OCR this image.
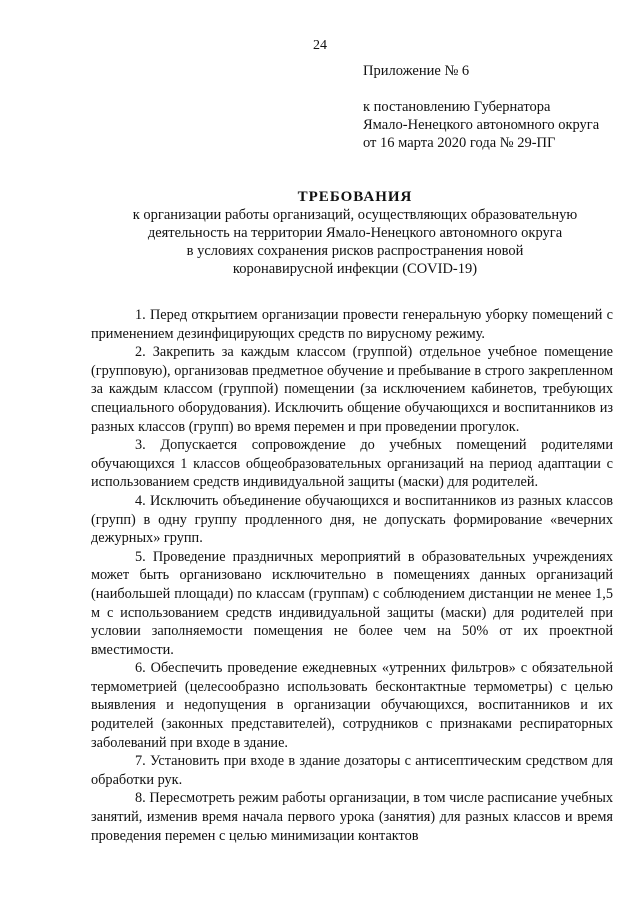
24
Приложение № 6
к постановлению Губернатора
Ямало-Ненецкого автономного округа
от 16 марта 2020 года № 29-ПГ
ТРЕБОВАНИЯ
к организации работы организаций, осуществляющих образовательную
деятельность на территории Ямало-Ненецкого автономного округа
в условиях сохранения рисков распространения новой
коронавирусной инфекции (COVID-19)

1. Перед открытием организации провести генеральную уборку помещений с применением дезинфицирующих средств по вирусному режиму.

2. Закрепить за каждым классом (группой) отдельное учебное помещение (групповую), организовав предметное обучение и пребывание в строго закрепленном за каждым классом (группой) помещении (за исключением кабинетов, требующих специального оборудования). Исключить общение обучающихся и воспитанников из разных классов (групп) во время перемен и при проведении прогулок.

3. Допускается сопровождение до учебных помещений родителями обучающихся 1 классов общеобразовательных организаций на период адаптации с использованием средств индивидуальной защиты (маски) для родителей.

4. Исключить объединение обучающихся и воспитанников из разных классов (групп) в одну группу продленного дня, не допускать формирование «вечерних дежурных» групп.

5. Проведение праздничных мероприятий в образовательных учреждениях может быть организовано исключительно в помещениях данных организаций (наибольшей площади) по классам (группам) с соблюдением дистанции не менее 1,5 м с использованием средств индивидуальной защиты (маски) для родителей при условии заполняемости помещения не более чем на 50% от их проектной вместимости.

6. Обеспечить проведение ежедневных «утренних фильтров» с обязательной термометрией (целесообразно использовать бесконтактные термометры) с целью выявления и недопущения в организации обучающихся, воспитанников и их родителей (законных представителей), сотрудников с признаками респираторных заболеваний при входе в здание.

7. Установить при входе в здание дозаторы с антисептическим средством для обработки рук.

8. Пересмотреть режим работы организации, в том числе расписание учебных занятий, изменив время начала первого урока (занятия) для разных классов и время проведения перемен с целью минимизации контактов
